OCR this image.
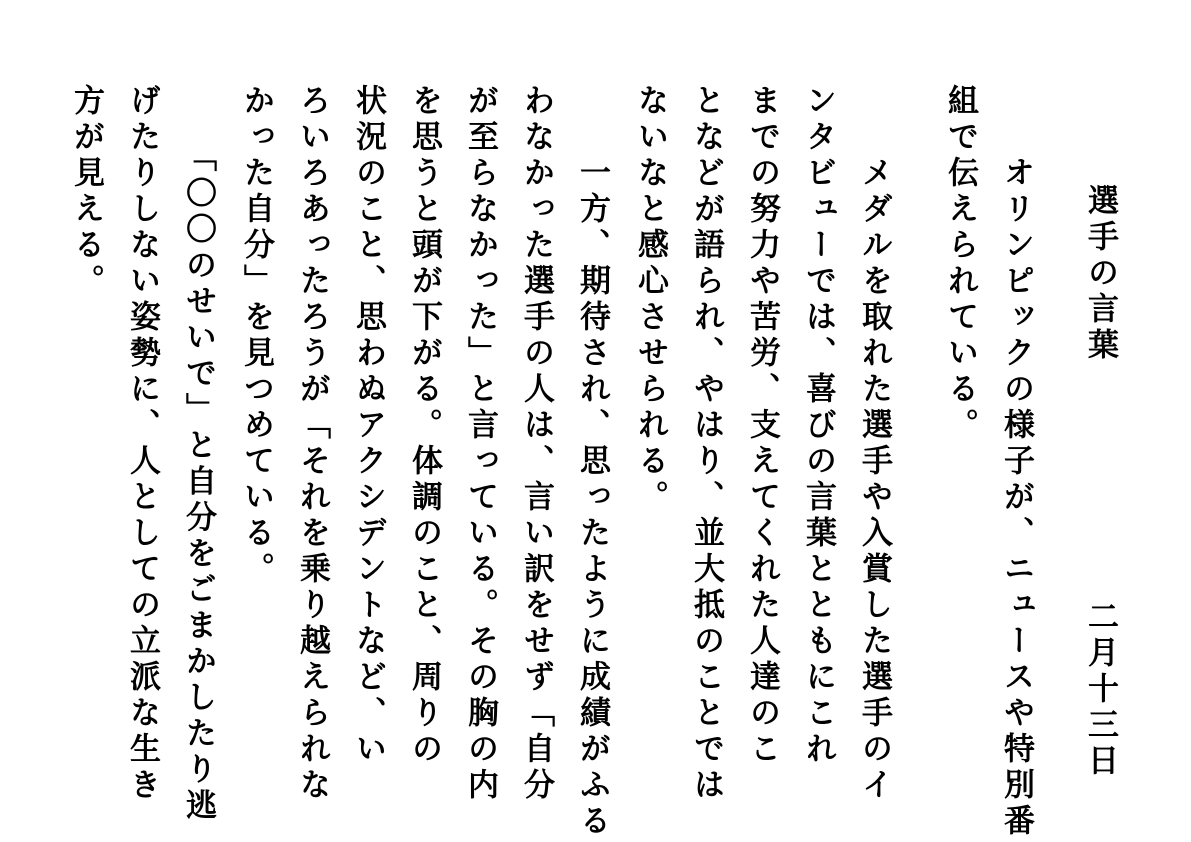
二月十三日
選手の言葉
　オリンピックの様子が、ニュースや特別番
組で伝えられている。
　メダルを取れた選手や入賞した選手のイ
ンタビューでは、喜びの言葉とともにこれ
までの努力や苦労、支えてくれた人達のこ
となどが語られ、やはり、並大抵のことでは
ないなと感心させられる。
　一方、期待され、思ったように成績がふる
わなかった選手の人は、言い訳をせず「自分
が至らなかった」と言っている。その胸の内
を思うと頭が下がる。体調のこと、周りの
状況のこと、思わぬアクシデントなど、い
ろいろあったろうが「それを乗り越えられな
かった自分」を見つめている。
　「〇〇のせいで」と自分をごまかしたり逃
げたりしない姿勢に、人としての立派な生き
方が見える。
